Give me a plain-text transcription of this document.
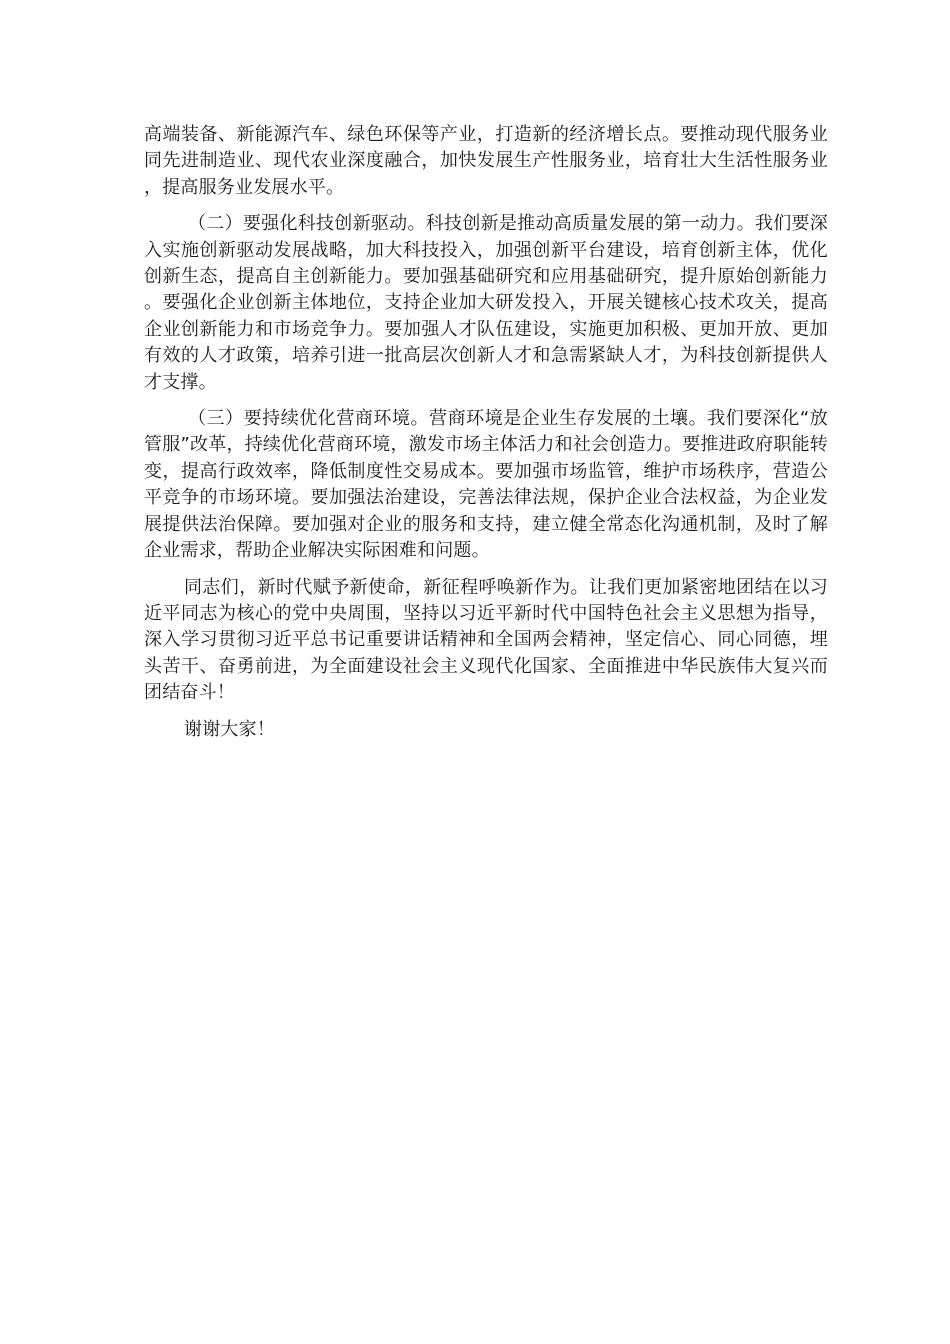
高端装备、新能源汽车、绿色环保等产业，打造新的经济增长点。要推动现代服务业同先进制造业、现代农业深度融合，加快发展生产性服务业，培育壮大生活性服务业，提高服务业发展水平。

（二）要强化科技创新驱动。科技创新是推动高质量发展的第一动力。我们要深入实施创新驱动发展战略，加大科技投入，加强创新平台建设，培育创新主体，优化创新生态，提高自主创新能力。要加强基础研究和应用基础研究，提升原始创新能力。要强化企业创新主体地位，支持企业加大研发投入，开展关键核心技术攻关，提高企业创新能力和市场竞争力。要加强人才队伍建设，实施更加积极、更加开放、更加有效的人才政策，培养引进一批高层次创新人才和急需紧缺人才，为科技创新提供人才支撑。

（三）要持续优化营商环境。营商环境是企业生存发展的土壤。我们要深化“放管服”改革，持续优化营商环境，激发市场主体活力和社会创造力。要推进政府职能转变，提高行政效率，降低制度性交易成本。要加强市场监管，维护市场秩序，营造公平竞争的市场环境。要加强法治建设，完善法律法规，保护企业合法权益，为企业发展提供法治保障。要加强对企业的服务和支持，建立健全常态化沟通机制，及时了解企业需求，帮助企业解决实际困难和问题。

同志们，新时代赋予新使命，新征程呼唤新作为。让我们更加紧密地团结在以习近平同志为核心的党中央周围，坚持以习近平新时代中国特色社会主义思想为指导，深入学习贯彻习近平总书记重要讲话精神和全国两会精神，坚定信心、同心同德，埋头苦干、奋勇前进，为全面建设社会主义现代化国家、全面推进中华民族伟大复兴而团结奋斗！

谢谢大家！
